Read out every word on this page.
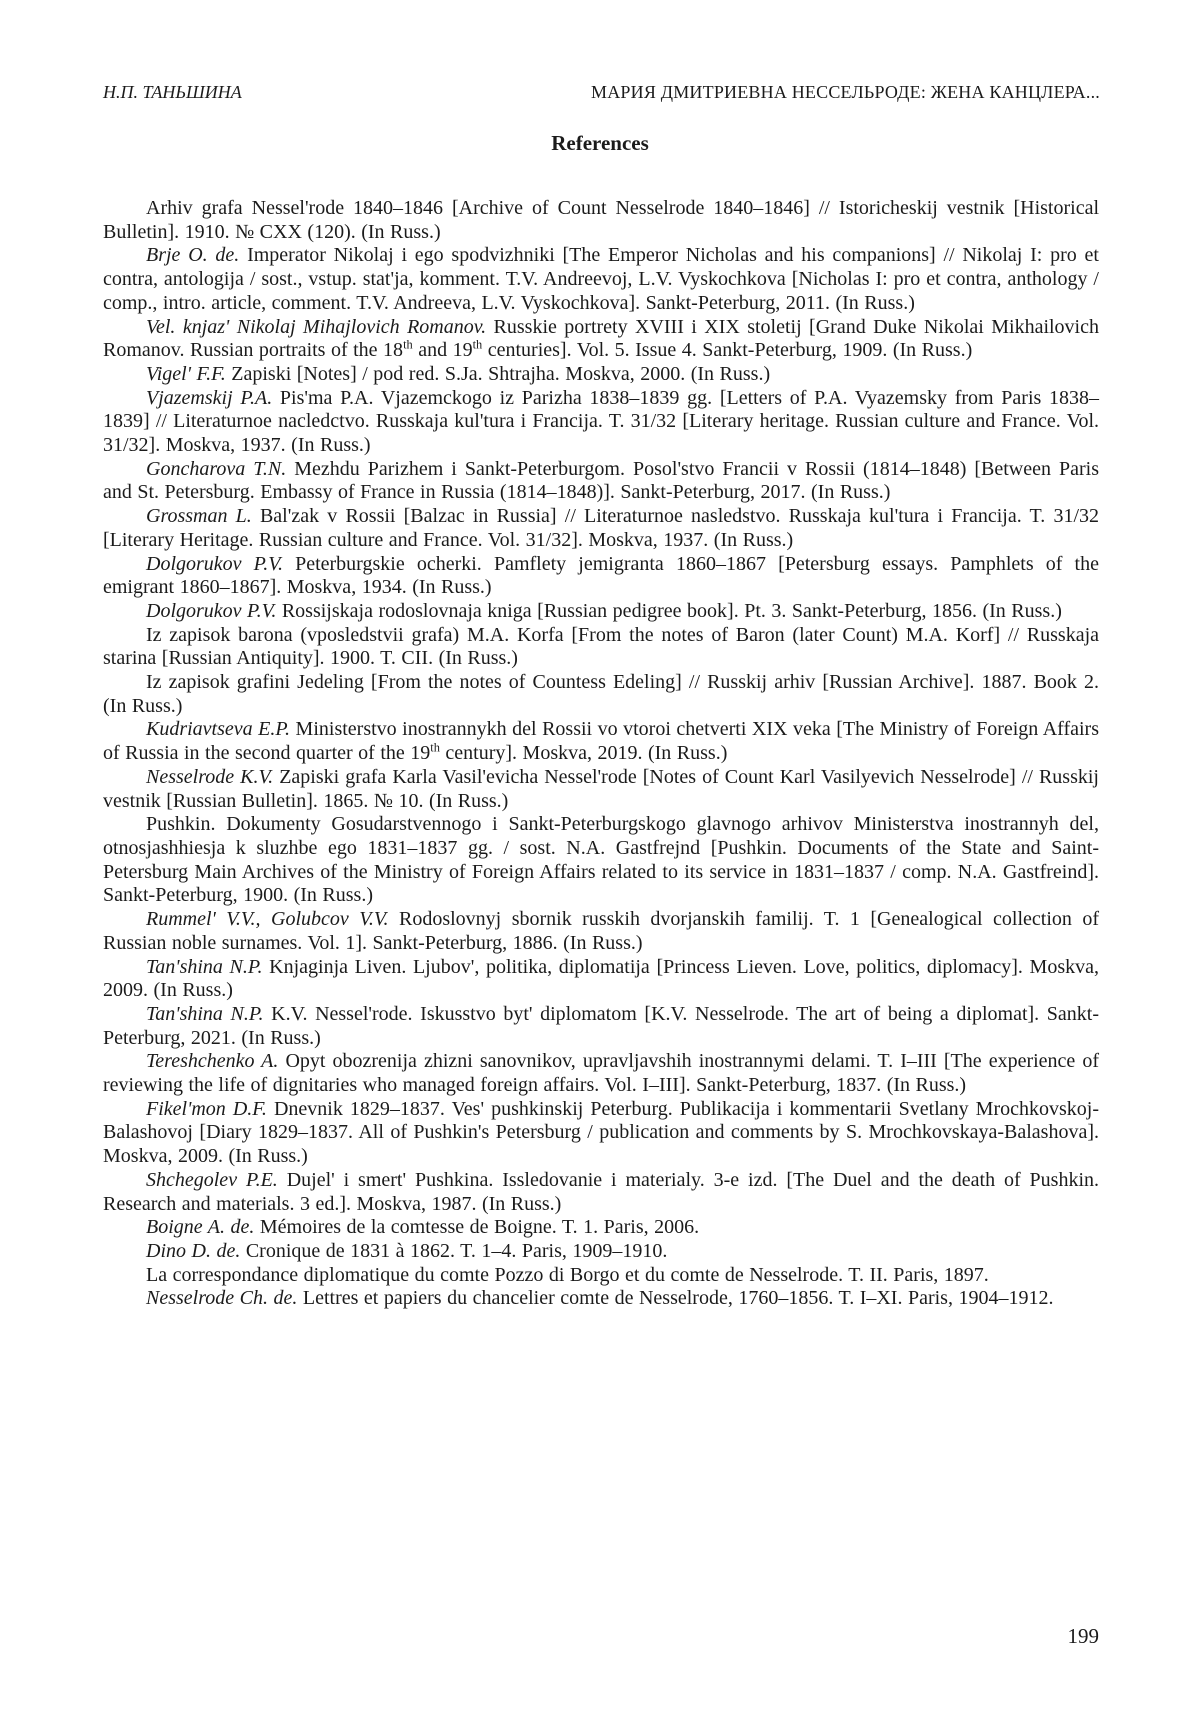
Н.П. ТАНЬШИНА	МАРИЯ ДМИТРИЕВНА НЕССЕЛЬРОДЕ: ЖЕНА КАНЦЛЕРА...
References

Arhiv grafa Nessel'rode 1840–1846 [Archive of Count Nesselrode 1840–1846] // Istoricheskij vestnik [Historical Bulletin]. 1910. № CXX (120). (In Russ.)

Brje O. de. Imperator Nikolaj i ego spodvizhniki [The Emperor Nicholas and his companions] // Nikolaj I: pro et contra, antologija / sost., vstup. stat'ja, komment. T.V. Andreevoj, L.V. Vyskochkova [Nicholas I: pro et contra, anthology / comp., intro. article, comment. T.V. Andreeva, L.V. Vyskochkova]. Sankt-Peterburg, 2011. (In Russ.)

Vel. knjaz' Nikolaj Mihajlovich Romanov. Russkie portrety XVIII i XIX stoletij [Grand Duke Nikolai Mikhailovich Romanov. Russian portraits of the 18th and 19th centuries]. Vol. 5. Issue 4. Sankt-Peterburg, 1909. (In Russ.)

Vigel' F.F. Zapiski [Notes] / pod red. S.Ja. Shtrajha. Moskva, 2000. (In Russ.)

Vjazemskij P.A. Pis'ma P.A. Vjazemckogo iz Parizha 1838–1839 gg. [Letters of P.A. Vyazemsky from Paris 1838–1839] // Literaturnoe nacledctvo. Russkaja kul'tura i Francija. T. 31/32 [Literary heritage. Russian culture and France. Vol. 31/32]. Moskva, 1937. (In Russ.)

Goncharova T.N. Mezhdu Parizhem i Sankt-Peterburgom. Posol'stvo Francii v Rossii (1814–1848) [Between Paris and St. Petersburg. Embassy of France in Russia (1814–1848)]. Sankt-Peterburg, 2017. (In Russ.)

Grossman L. Bal'zak v Rossii [Balzac in Russia] // Literaturnoe nasledstvo. Russkaja kul'tura i Francija. T. 31/32 [Literary Heritage. Russian culture and France. Vol. 31/32]. Moskva, 1937. (In Russ.)

Dolgorukov P.V. Peterburgskie ocherki. Pamflety jemigranta 1860–1867 [Petersburg essays. Pamphlets of the emigrant 1860–1867]. Moskva, 1934. (In Russ.)

Dolgorukov P.V. Rossijskaja rodoslovnaja kniga [Russian pedigree book]. Pt. 3. Sankt-Peterburg, 1856. (In Russ.)

Iz zapisok barona (vposledstvii grafa) M.A. Korfa [From the notes of Baron (later Count) M.A. Korf] // Russkaja starina [Russian Antiquity]. 1900. T. CII. (In Russ.)

Iz zapisok grafini Jedeling [From the notes of Countess Edeling] // Russkij arhiv [Russian Archive]. 1887. Book 2. (In Russ.)

Kudriavtseva E.P. Ministerstvo inostrannykh del Rossii vo vtoroi chetverti XIX veka [The Ministry of Foreign Affairs of Russia in the second quarter of the 19th century]. Moskva, 2019. (In Russ.)

Nesselrode K.V. Zapiski grafa Karla Vasil'evicha Nessel'rode [Notes of Count Karl Vasilyevich Nesselrode] // Russkij vestnik [Russian Bulletin]. 1865. № 10. (In Russ.)

Pushkin. Dokumenty Gosudarstvennogo i Sankt-Peterburgskogo glavnogo arhivov Ministerstva inostrannyh del, otnosjashhiesja k sluzhbe ego 1831–1837 gg. / sost. N.A. Gastfrejnd [Pushkin. Documents of the State and Saint-Petersburg Main Archives of the Ministry of Foreign Affairs related to its service in 1831–1837 / comp. N.A. Gastfreind]. Sankt-Peterburg, 1900. (In Russ.)

Rummel' V.V., Golubcov V.V. Rodoslovnyj sbornik russkih dvorjanskih familij. T. 1 [Genealogical collection of Russian noble surnames. Vol. 1]. Sankt-Peterburg, 1886. (In Russ.)

Tan'shina N.P. Knjaginja Liven. Ljubov', politika, diplomatija [Princess Lieven. Love, politics, diplomacy]. Moskva, 2009. (In Russ.)

Tan'shina N.P. K.V. Nessel'rode. Iskusstvo byt' diplomatom [K.V. Nesselrode. The art of being a diplomat]. Sankt-Peterburg, 2021. (In Russ.)

Tereshchenko A. Opyt obozrenija zhizni sanovnikov, upravljavshih inostrannymi delami. T. I–III [The experience of reviewing the life of dignitaries who managed foreign affairs. Vol. I–III]. Sankt-Peterburg, 1837. (In Russ.)

Fikel'mon D.F. Dnevnik 1829–1837. Ves' pushkinskij Peterburg. Publikacija i kommentarii Svetlany Mrochkovskoj-Balashovoj [Diary 1829–1837. All of Pushkin's Petersburg / publication and comments by S. Mrochkovskaya-Balashova]. Moskva, 2009. (In Russ.)

Shchegolev P.E. Dujel' i smert' Pushkina. Issledovanie i materialy. 3-e izd. [The Duel and the death of Pushkin. Research and materials. 3 ed.]. Moskva, 1987. (In Russ.)

Boigne A. de. Mémoires de la comtesse de Boigne. T. 1. Paris, 2006.

Dino D. de. Cronique de 1831 à 1862. T. 1–4. Paris, 1909–1910.

La correspondance diplomatique du comte Pozzo di Borgo et du comte de Nesselrode. T. II. Paris, 1897.

Nesselrode Ch. de. Lettres et papiers du chancelier comte de Nesselrode, 1760–1856. T. I–XI. Paris, 1904–1912.

199
